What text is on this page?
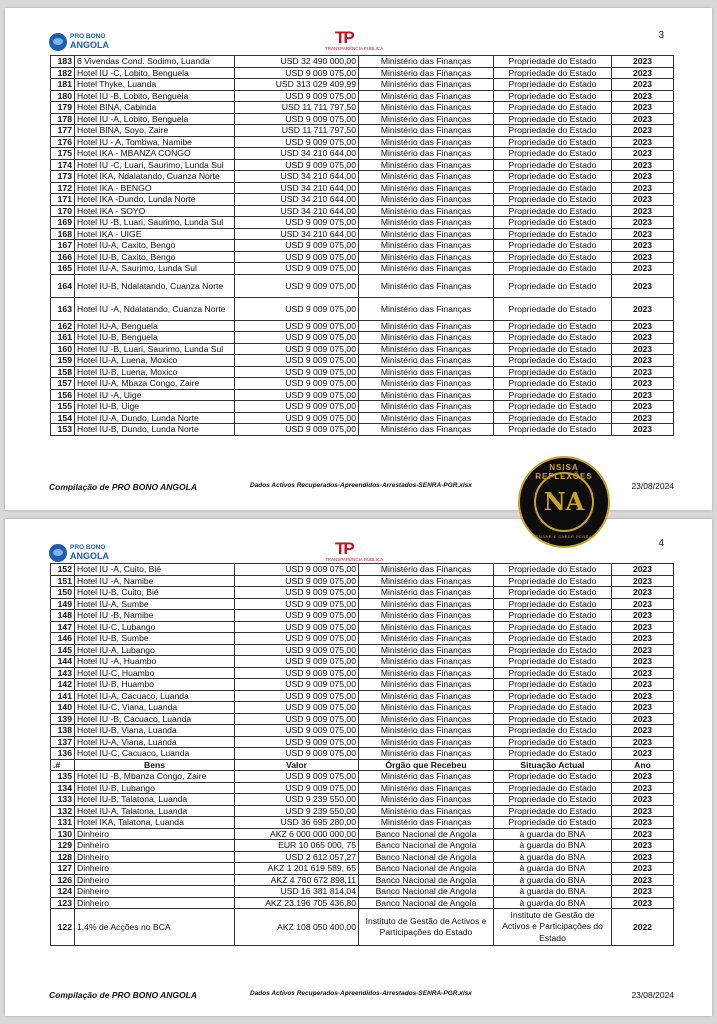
PRO BONO
ANGOLA	TP
TRANSPARÊNCIA PÚBLICA
3
183	6 Vivendas Cond. Sodimo, Luanda	USD 32 490 000,00	Ministério das Finanças	Propriedade do Estado	2023
182	Hotel IU -C, Lobito, Benguela	USD 9 009 075,00	Ministério das Finanças	Propriedade do Estado	2023
181	Hotel Thyke, Luanda	USD 313 029 409,99	Ministério das Finanças	Propriedade do Estado	2023
180	Hotel IU -B, Lobito, Benguela	USD 9 009 075,00	Ministério das Finanças	Propriedade do Estado	2023
179	Hotel BINA, Cabinda	USD 11 711 797,50	Ministério das Finanças	Propriedade do Estado	2023
178	Hotel IU -A, Lobito, Benguela	USD 9 009 075,00	Ministério das Finanças	Propriedade do Estado	2023
177	Hotel BINA, Soyo, Zaire	USD 11 711 797,50	Ministério das Finanças	Propriedade do Estado	2023
176	Hotel IU - A, Tombwa, Namibe	USD 9 009 075,00	Ministério das Finanças	Propriedade do Estado	2023
175	Hotel IKA - MBANZA CONGO	USD 34 210 644,00	Ministério das Finanças	Propriedade do Estado	2023
174	Hotel IU -C, Luari, Saurimo, Lunda Sul	USD 9 009 075,00	Ministério das Finanças	Propriedade do Estado	2023
173	Hotel IKA, Ndalatando, Cuanza Norte	USD 34 210 644,00	Ministério das Finanças	Propriedade do Estado	2023
172	Hotel IKA - BENGO	USD 34 210 644,00	Ministério das Finanças	Propriedade do Estado	2023
171	Hotel IKA -Dundo, Lunda Norte	USD 34 210 644,00	Ministério das Finanças	Propriedade do Estado	2023
170	Hotel IKA - SOYO	USD 34 210 644,00	Ministério das Finanças	Propriedade do Estado	2023
169	Hotel IU -B, Luari, Saurimo, Lunda Sul	USD 9 009 075,00	Ministério das Finanças	Propriedade do Estado	2023
168	Hotel IKA - UIGE	USD 34 210 644,00	Ministério das Finanças	Propriedade do Estado	2023
167	Hotel IU-A, Caxito, Bengo	USD 9 009 075,00	Ministério das Finanças	Propriedade do Estado	2023
166	Hotel IU-B, Caxito, Bengo	USD 9 009 075,00	Ministério das Finanças	Propriedade do Estado	2023
165	Hotel IU-A, Saurimo, Lunda Sul	USD 9 009 075,00	Ministério das Finanças	Propriedade do Estado	2023
164	Hotel IU-B, Ndalatando, Cuanza Norte	USD 9 009 075,00	Ministério das Finanças	Propriedade do Estado	2023
163	Hotel IU -A, Ndalatando, Cuanza Norte	USD 9 009 075,00	Ministério das Finanças	Propriedade do Estado	2023
162	Hotel IU-A, Benguela	USD 9 009 075,00	Ministério das Finanças	Propriedade do Estado	2023
161	Hotel IU-B, Benguela	USD 9 009 075,00	Ministério das Finanças	Propriedade do Estado	2023
160	Hotel IU -B, Luari, Saurimo, Lunda Sul	USD 9 009 075,00	Ministério das Finanças	Propriedade do Estado	2023
159	Hotel IU-A, Luena, Moxico	USD 9 009 075,00	Ministério das Finanças	Propriedade do Estado	2023
158	Hotel IU-B, Luena, Moxico	USD 9 009 075,00	Ministério das Finanças	Propriedade do Estado	2023
157	Hotel IU-A, Mbaza Congo, Zaire	USD 9 009 075,00	Ministério das Finanças	Propriedade do Estado	2023
156	Hotel IU -A, Uige	USD 9 009 075,00	Ministério das Finanças	Propriedade do Estado	2023
155	Hotel IU-B, Uige	USD 9 009 075,00	Ministério das Finanças	Propriedade do Estado	2023
154	Hotel IU-A, Dundo, Lunda Norte	USD 9 009 075,00	Ministério das Finanças	Propriedade do Estado	2023
153	Hotel IU-B, Dundo, Lunda Norte	USD 9 009 075,00	Ministério das Finanças	Propriedade do Estado	2023
Compilação de PRO BONO ANGOLA	Dados Activos Recuperados-Apreendidos-Arrestados-SENRA-PGR.xlsx	23/08/2024
NSISA REFLEXÕES
NA
PENSAR E SABER PENSAR
PRO BONO
ANGOLA	TP
TRANSPARÊNCIA PÚBLICA
4
152	Hotel IU -A, Cuito, Bié	USD 9 009 075,00	Ministério das Finanças	Propriedade do Estado	2023
151	Hotel IU -A, Namibe	USD 9 009 075,00	Ministério das Finanças	Propriedade do Estado	2023
150	Hotel IU-B, Cuito, Bié	USD 9 009 075,00	Ministério das Finanças	Propriedade do Estado	2023
149	Hotel IU-A, Sumbe	USD 9 009 075,00	Ministério das Finanças	Propriedade do Estado	2023
148	Hotel IU -B, Namibe	USD 9 009 075,00	Ministério das Finanças	Propriedade do Estado	2023
147	Hotel IU-C, Lubango	USD 9 009 075,00	Ministério das Finanças	Propriedade do Estado	2023
146	Hotel IU-B, Sumbe	USD 9 009 075,00	Ministério das Finanças	Propriedade do Estado	2023
145	Hotel IU-A, Lubango	USD 9 009 075,00	Ministério das Finanças	Propriedade do Estado	2023
144	Hotel IU -A, Huambo	USD 9 009 075,00	Ministério das Finanças	Propriedade do Estado	2023
143	Hotel IU-C, Huambo	USD 9 009 075,00	Ministério das Finanças	Propriedade do Estado	2023
142	Hotel IU-B, Huambo	USD 9 009 075,00	Ministério das Finanças	Propriedade do Estado	2023
141	Hotel IU-A, Cacuaco, Luanda	USD 9 009 075,00	Ministério das Finanças	Propriedade do Estado	2023
140	Hotel IU-C, Viana, Luanda	USD 9 009 075,00	Ministério das Finanças	Propriedade do Estado	2023
139	Hotel IU -B, Cacuaco, Luanda	USD 9 009 075,00	Ministério das Finanças	Propriedade do Estado	2023
138	Hotel IU-B, Viana, Luanda	USD 9 009 075,00	Ministério das Finanças	Propriedade do Estado	2023
137	Hotel IU-A, Viana, Luanda	USD 9 009 075,00	Ministério das Finanças	Propriedade do Estado	2023
136	Hotel IU-C, Cacuaco, Luanda	USD 9 009 075,00	Ministério das Finanças	Propriedade do Estado	2023
.#	Bens	Valor	Órgão que Recebeu	Situação Actual	Ano
135	Hotel IU -B, Mbanza Congo, Zaire	USD 9 009 075,00	Ministério das Finanças	Propriedade do Estado	2023
134	Hotel IU-B, Lubango	USD 9 009 075,00	Ministério das Finanças	Propriedade do Estado	2023
133	Hotel IU-B, Talatona, Luanda	USD 9 239 550,00	Ministério das Finanças	Propriedade do Estado	2023
132	Hotel IU-A, Talatona, Luanda	USD 9 239 550,00	Ministério das Finanças	Propriedade do Estado	2023
131	Hotel IKA, Talatona, Luanda	USD 36 695 280,00	Ministério das Finanças	Propriedade do Estado	2023
130	Dinheiro	AKZ 6 000 000 000,00	Banco Nacional de Angola	à guarda do BNA	2023
129	Dinheiro	EUR 10 065 000, 75	Banco Nacional de Angola	à guarda do BNA	2023
128	Dinheiro	USD 2 612 057,27	Banco Nacional de Angola	à guarda do BNA	2023
127	Dinheiro	AKZ 1 201 619 589, 65	Banco Nacional de Angola	à guarda do BNA	2023
126	Dinheiro	AKZ 4 760 672 898,11	Banco Nacional de Angola	à guarda do BNA	2023
124	Dinheiro	USD 16 381 814,04	Banco Nacional de Angola	à guarda do BNA	2023
123	Dinheiro	AKZ 23.196 705 436,80	Banco Nacional de Angola	à guarda do BNA	2023
122	1,4% de Acções no BCA	AKZ 108 050 400,00	Instituto de Gestão de Activos e Participações do Estado	Instituto de Gestão de Activos e Participações do Estado	2022
Compilação de PRO BONO ANGOLA	Dados Activos Recuperados-Apreendidos-Arrestados-SENRA-PGR.xlsx	23/08/2024
